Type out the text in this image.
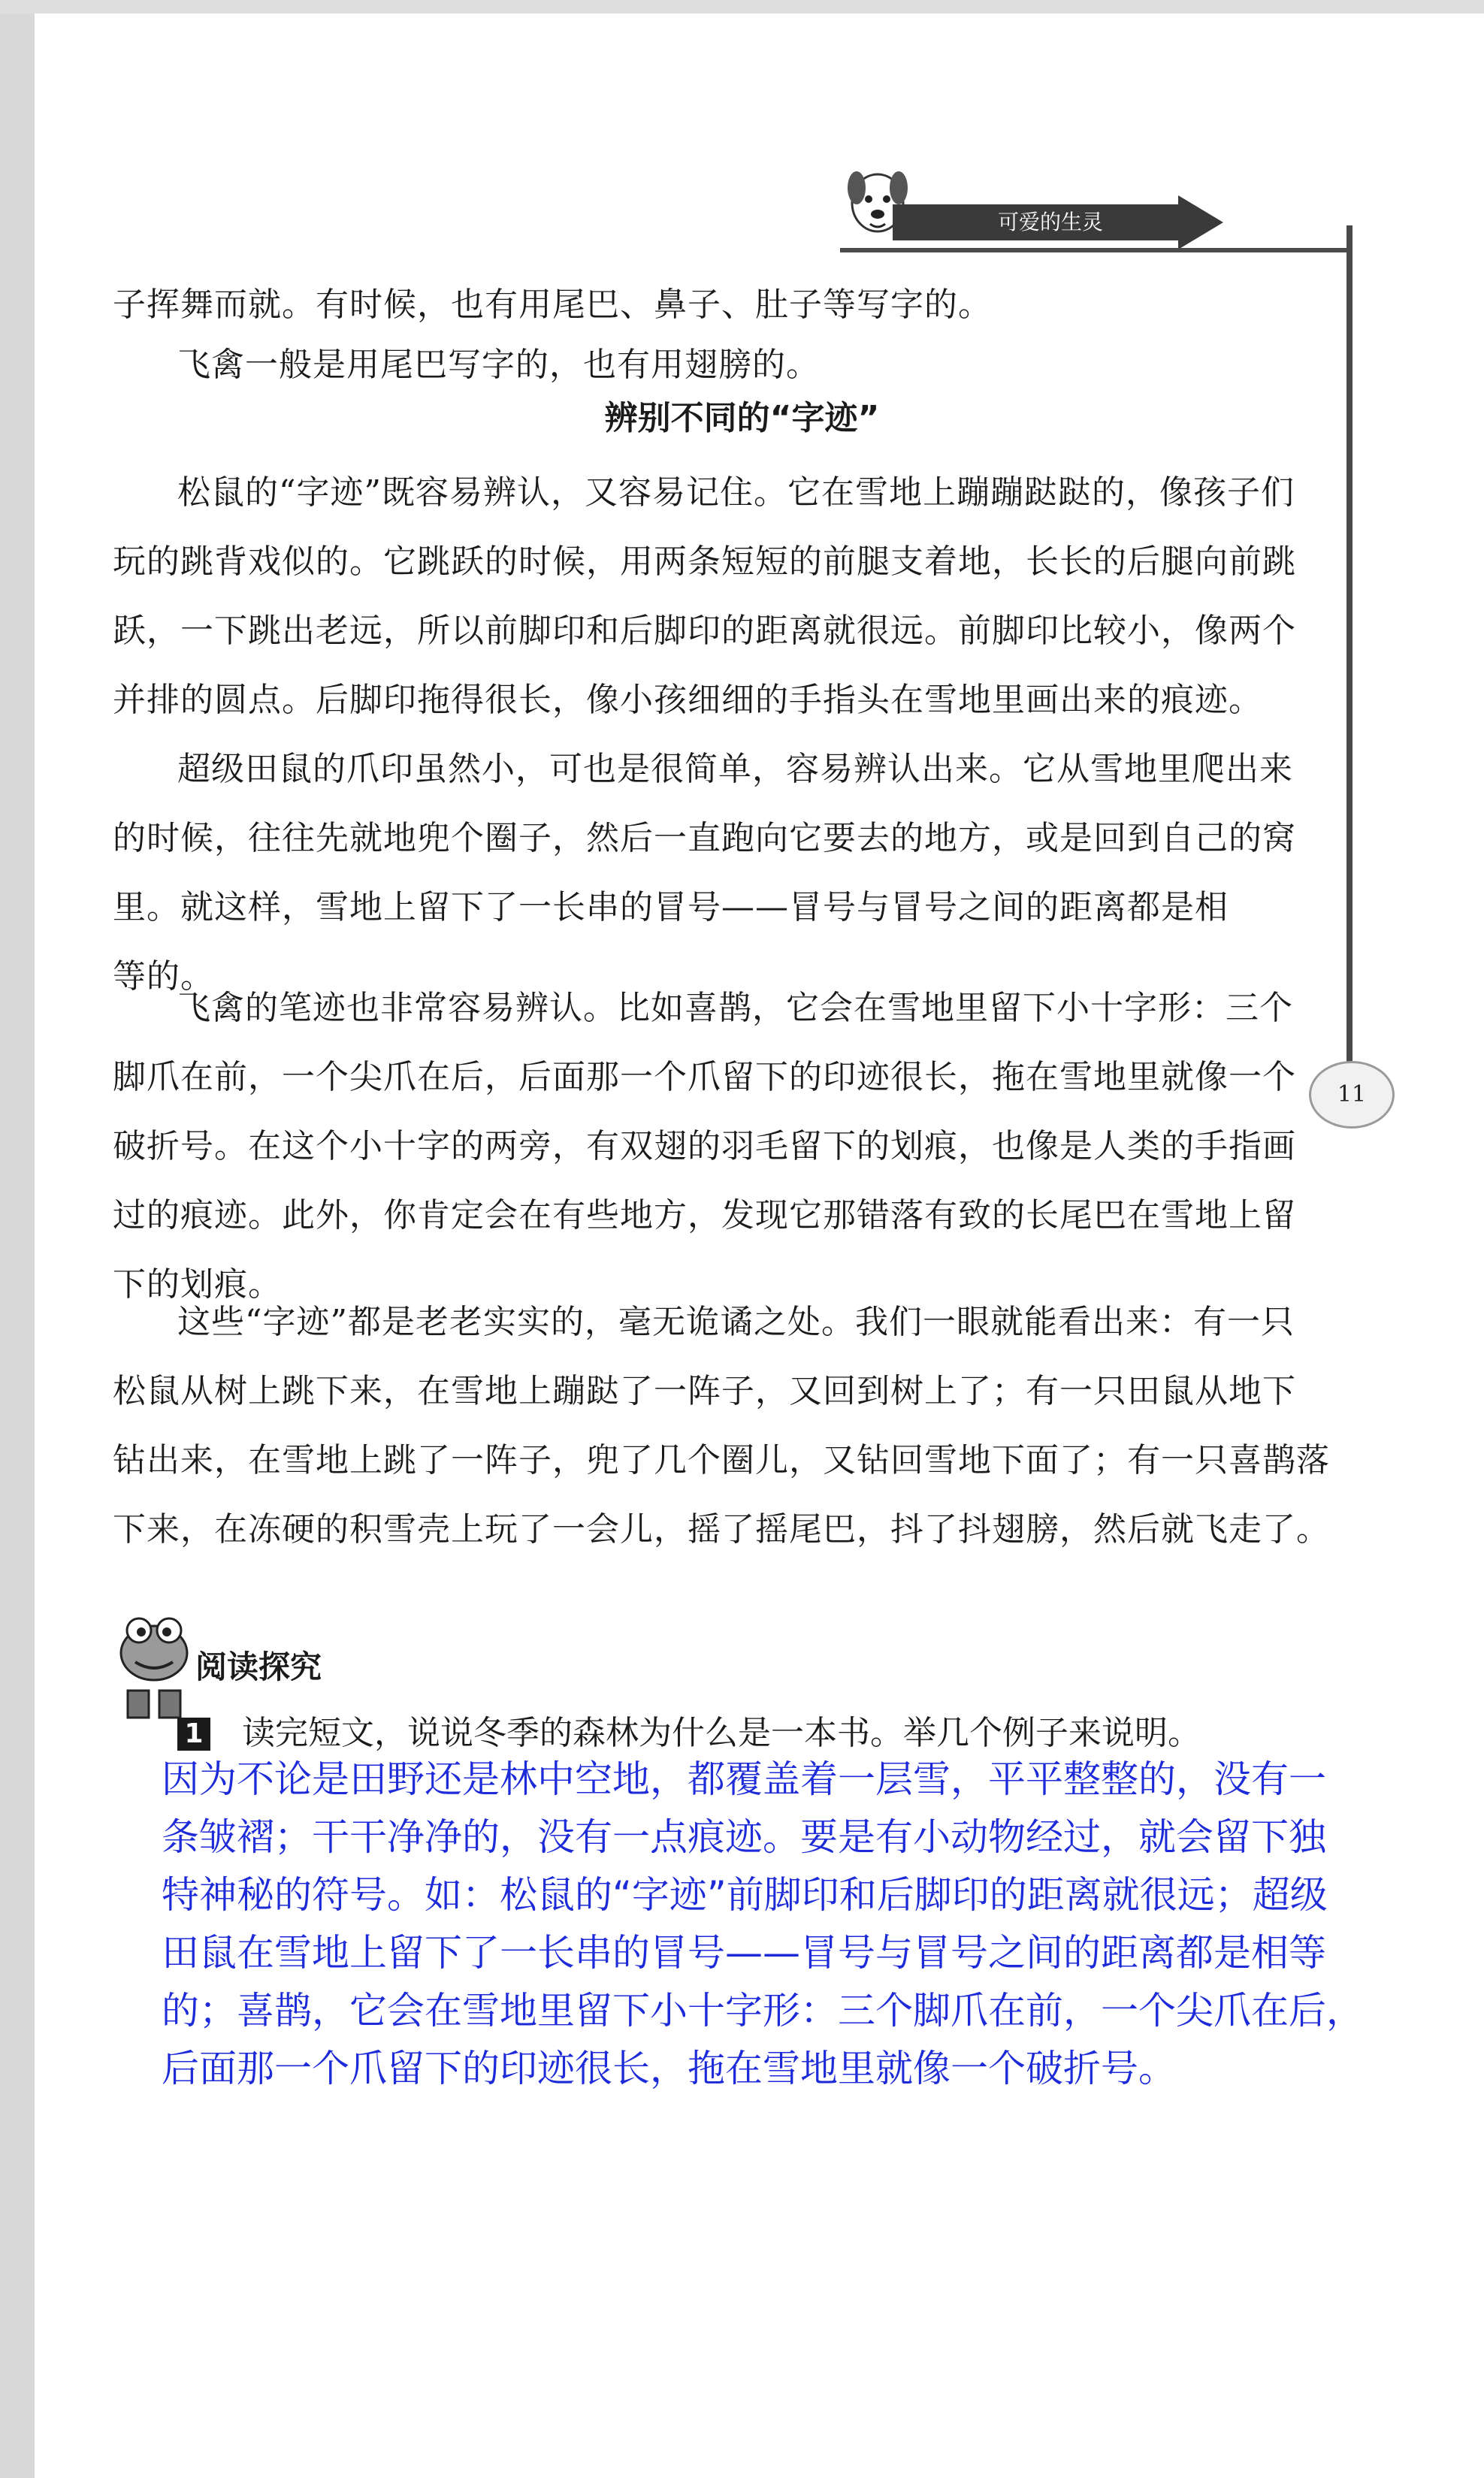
可爱的生灵
11
子挥舞而就。有时候，也有用尾巴、鼻子、肚子等写字的。
飞禽一般是用尾巴写字的，也有用翅膀的。
辨别不同的“字迹”
松鼠的“字迹”既容易辨认，又容易记住。它在雪地上蹦蹦跶跶的，像孩子们
玩的跳背戏似的。它跳跃的时候，用两条短短的前腿支着地，长长的后腿向前跳
跃，一下跳出老远，所以前脚印和后脚印的距离就很远。前脚印比较小，像两个
并排的圆点。后脚印拖得很长，像小孩细细的手指头在雪地里画出来的痕迹。
超级田鼠的爪印虽然小，可也是很简单，容易辨认出来。它从雪地里爬出来
的时候，往往先就地兜个圈子，然后一直跑向它要去的地方，或是回到自己的窝
里。就这样，雪地上留下了一长串的冒号——冒号与冒号之间的距离都是相
等的。
飞禽的笔迹也非常容易辨认。比如喜鹊，它会在雪地里留下小十字形：三个
脚爪在前，一个尖爪在后，后面那一个爪留下的印迹很长，拖在雪地里就像一个
破折号。在这个小十字的两旁，有双翅的羽毛留下的划痕，也像是人类的手指画
过的痕迹。此外，你肯定会在有些地方，发现它那错落有致的长尾巴在雪地上留
下的划痕。
这些“字迹”都是老老实实的，毫无诡谲之处。我们一眼就能看出来：有一只
松鼠从树上跳下来，在雪地上蹦跶了一阵子，又回到树上了；有一只田鼠从地下
钻出来，在雪地上跳了一阵子，兜了几个圈儿，又钻回雪地下面了；有一只喜鹊落
下来，在冻硬的积雪壳上玩了一会儿，摇了摇尾巴，抖了抖翅膀，然后就飞走了。
阅读探究
1 读完短文，说说冬季的森林为什么是一本书。举几个例子来说明。
因为不论是田野还是林中空地，都覆盖着一层雪，平平整整的，没有一
条皱褶；干干净净的，没有一点痕迹。要是有小动物经过，就会留下独
特神秘的符号。如：松鼠的“字迹”前脚印和后脚印的距离就很远；超级
田鼠在雪地上留下了一长串的冒号——冒号与冒号之间的距离都是相等
的；喜鹊，它会在雪地里留下小十字形：三个脚爪在前，一个尖爪在后，
后面那一个爪留下的印迹很长，拖在雪地里就像一个破折号。
